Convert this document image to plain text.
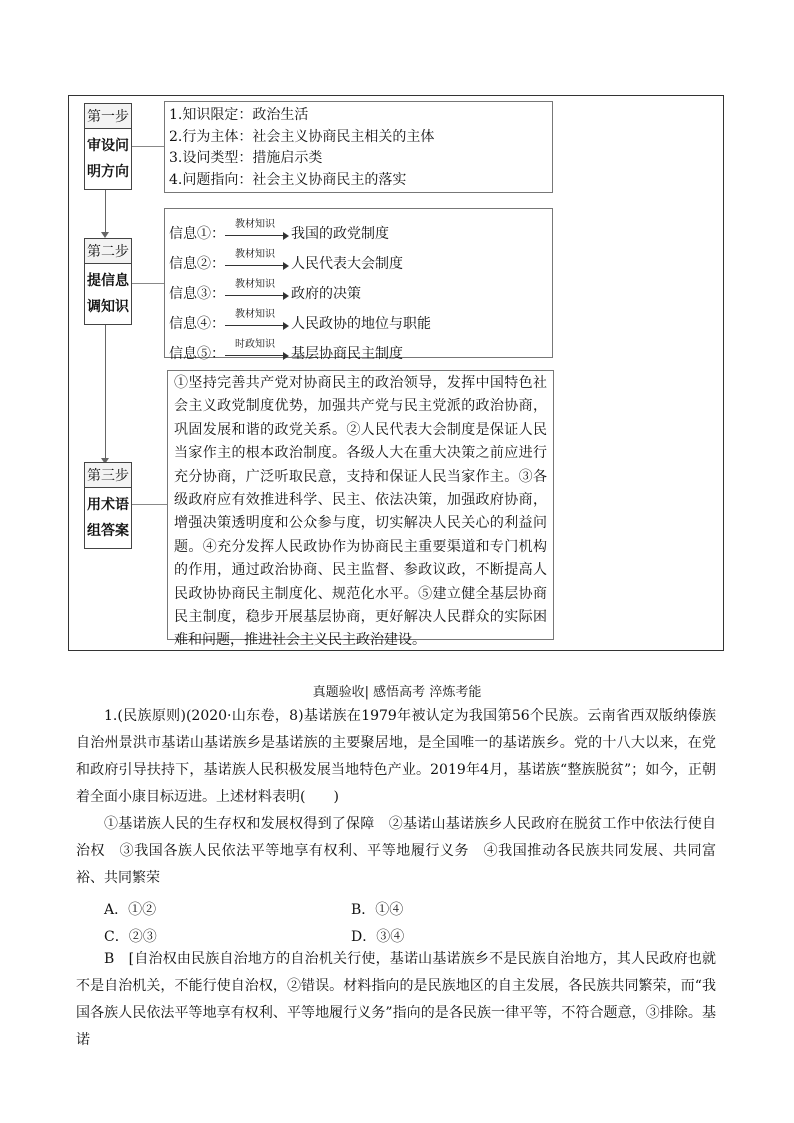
第一步
审设问
明方向
第二步
提信息
调知识
第三步
用术语
组答案
1.知识限定：政治生活
2.行为主体：社会主义协商民主相关的主体
3.设问类型：措施启示类
4.问题指向：社会主义协商民主的落实
信息①：
教材知识
我国的政党制度
信息②：
教材知识
人民代表大会制度
信息③：
教材知识
政府的决策
信息④：
教材知识
人民政协的地位与职能
信息⑤：
时政知识
基层协商民主制度

①坚持完善共产党对协商民主的政治领导，发挥中国特色社会主义政党制度优势，加强共产党与民主党派的政治协商，巩固发展和谐的政党关系。②人民代表大会制度是保证人民当家作主的根本政治制度。各级人大在重大决策之前应进行充分协商，广泛听取民意，支持和保证人民当家作主。③各级政府应有效推进科学、民主、依法决策，加强政府协商，增强决策透明度和公众参与度，切实解决人民关心的利益问题。④充分发挥人民政协作为协商民主重要渠道和专门机构的作用，通过政治协商、民主监督、参政议政，不断提高人民政协协商民主制度化、规范化水平。⑤建立健全基层协商民主制度，稳步开展基层协商，更好解决人民群众的实际困难和问题，推进社会主义民主政治建设。

真题验收| 感悟高考 淬炼考能
1.(民族原则)(2020·山东卷，8)基诺族在1979年被认定为我国第56个民族。云南省西双版纳傣族自治州景洪市基诺山基诺族乡是基诺族的主要聚居地，是全国唯一的基诺族乡。党的十八大以来，在党和政府引导扶持下，基诺族人民积极发展当地特色产业。2019年4月，基诺族“整族脱贫”；如今，正朝着全面小康目标迈进。上述材料表明(　　)
①基诺族人民的生存权和发展权得到了保障　②基诺山基诺族乡人民政府在脱贫工作中依法行使自治权　③我国各族人民依法平等地享有权利、平等地履行义务　④我国推动各民族共同发展、共同富裕、共同繁荣
A．①②	B．①④
C．②③	D．③④
B　[自治权由民族自治地方的自治机关行使，基诺山基诺族乡不是民族自治地方，其人民政府也就不是自治机关，不能行使自治权，②错误。材料指向的是民族地区的自主发展，各民族共同繁荣，而“我国各族人民依法平等地享有权利、平等地履行义务”指向的是各民族一律平等，不符合题意，③排除。基诺
